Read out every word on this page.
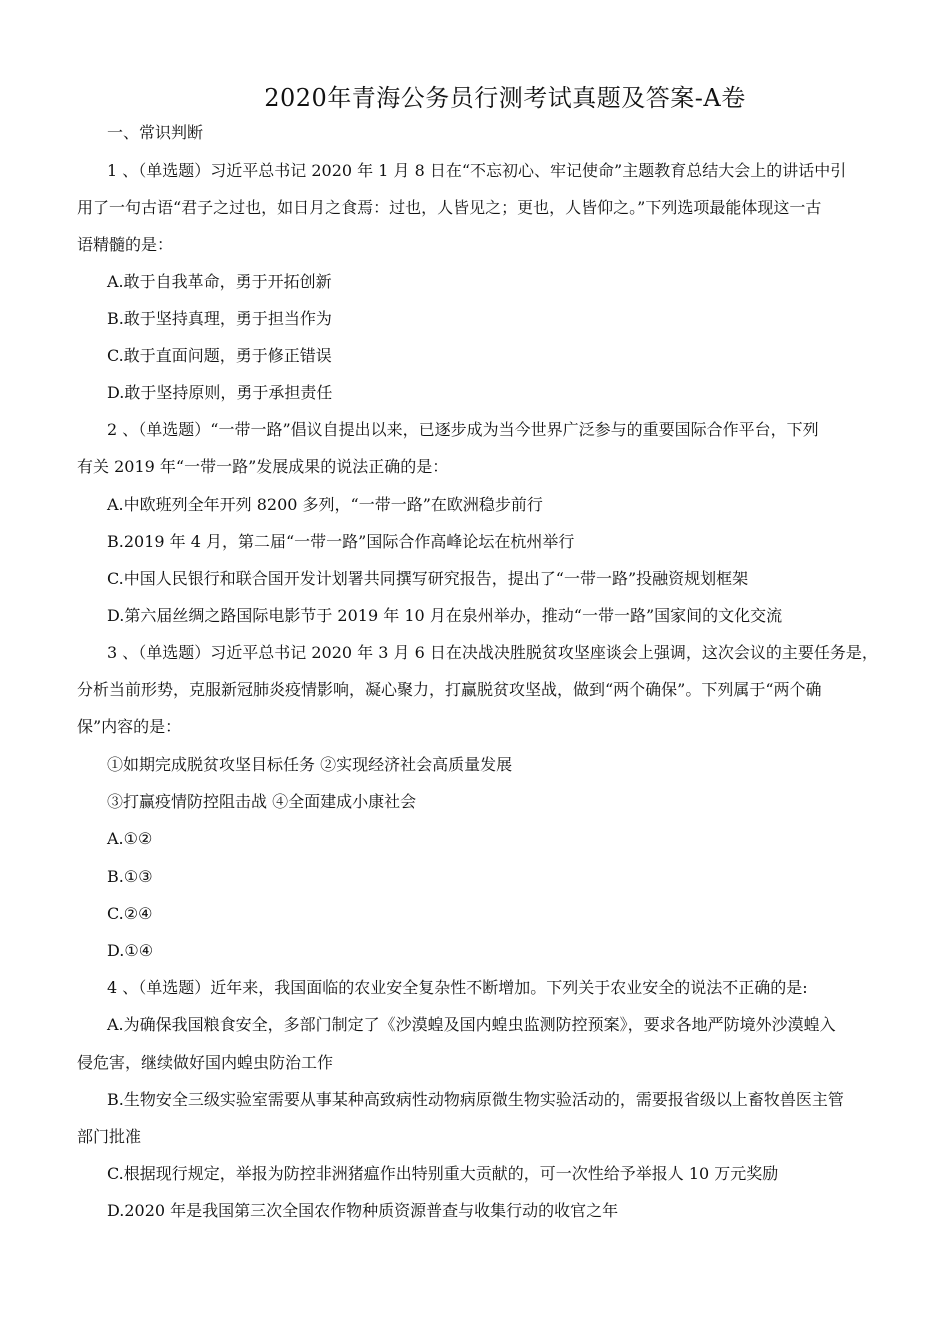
2020年青海公务员行测考试真题及答案-A卷
一、常识判断
1 、（单选题）习近平总书记 2020 年 1 月 8 日在“不忘初心、牢记使命”主题教育总结大会上的讲话中引
用了一句古语“君子之过也，如日月之食焉：过也，人皆见之；更也，人皆仰之。”下列选项最能体现这一古
语精髓的是：
A.敢于自我革命，勇于开拓创新
B.敢于坚持真理，勇于担当作为
C.敢于直面问题，勇于修正错误
D.敢于坚持原则，勇于承担责任
2 、（单选题）“一带一路”倡议自提出以来，已逐步成为当今世界广泛参与的重要国际合作平台，下列
有关 2019 年“一带一路”发展成果的说法正确的是：
A.中欧班列全年开列 8200 多列，“一带一路”在欧洲稳步前行
B.2019 年 4 月，第二届“一带一路”国际合作高峰论坛在杭州举行
C.中国人民银行和联合国开发计划署共同撰写研究报告，提出了“一带一路”投融资规划框架
D.第六届丝绸之路国际电影节于 2019 年 10 月在泉州举办，推动“一带一路”国家间的文化交流
3 、（单选题）习近平总书记 2020 年 3 月 6 日在决战决胜脱贫攻坚座谈会上强调，这次会议的主要任务是，
分析当前形势，克服新冠肺炎疫情影响，凝心聚力，打赢脱贫攻坚战，做到“两个确保”。下列属于“两个确
保”内容的是：
①如期完成脱贫攻坚目标任务 ②实现经济社会高质量发展
③打赢疫情防控阻击战 ④全面建成小康社会
A.①②
B.①③
C.②④
D.①④
4 、（单选题）近年来，我国面临的农业安全复杂性不断增加。下列关于农业安全的说法不正确的是:
A.为确保我国粮食安全，多部门制定了《沙漠蝗及国内蝗虫监测防控预案》，要求各地严防境外沙漠蝗入
侵危害，继续做好国内蝗虫防治工作
B.生物安全三级实验室需要从事某种高致病性动物病原微生物实验活动的，需要报省级以上畜牧兽医主管
部门批准
C.根据现行规定，举报为防控非洲猪瘟作出特别重大贡献的，可一次性给予举报人 10 万元奖励
D.2020 年是我国第三次全国农作物种质资源普查与收集行动的收官之年
